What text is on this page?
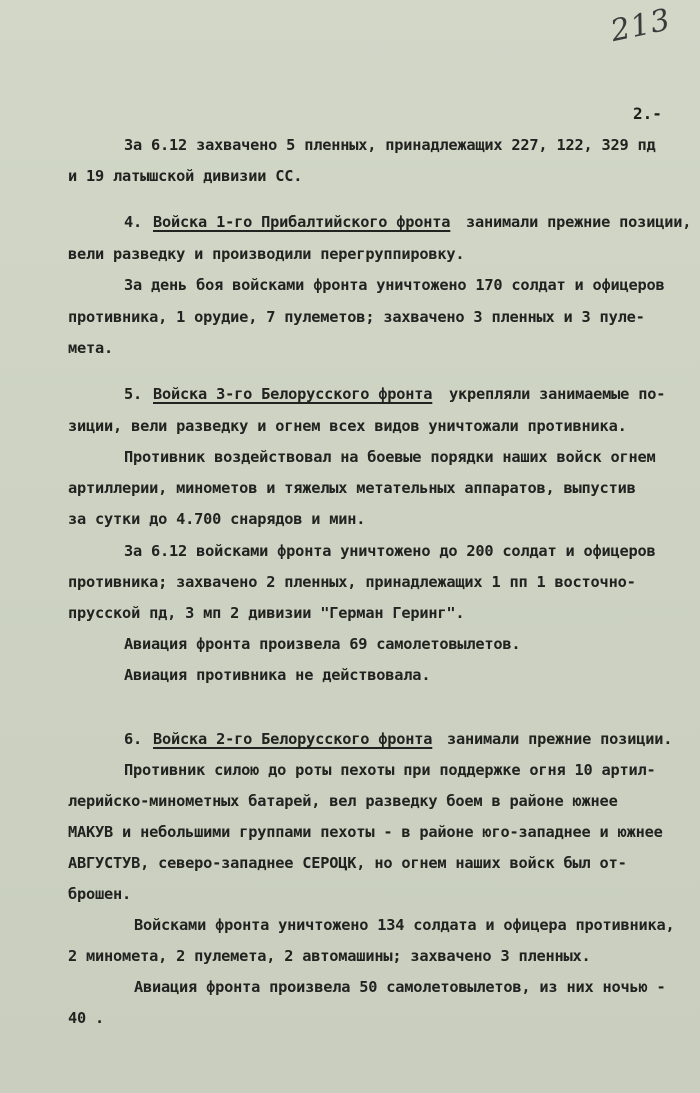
213
2.-
За 6.12 захвачено 5 пленных, принадлежащих 227, 122, 329 пд
и 19 латышской дивизии СС.
4. Войска 1-го Прибалтийского фронта занимали прежние позиции,
вели разведку и производили перегруппировку.
За день боя войсками фронта уничтожено 170 солдат и офицеров
противника, 1 орудие, 7 пулеметов; захвачено 3 пленных и 3 пуле-
мета.
5. Войска 3-го Белорусского фронта укрепляли занимаемые по-
зиции, вели разведку и огнем всех видов уничтожали противника.
Противник воздействовал на боевые порядки наших войск огнем
артиллерии, минометов и тяжелых метательных аппаратов, выпустив
за сутки до 4.700 снарядов и мин.
За 6.12 войсками фронта уничтожено до 200 солдат и офицеров
противника; захвачено 2 пленных, принадлежащих 1 пп 1 восточно-
прусской пд, 3 мп 2 дивизии "Герман Геринг".
Авиация фронта произвела 69 самолетовылетов.
Авиация противника не действовала.
6. Войска 2-го Белорусского фронта занимали прежние позиции.
Противник силою до роты пехоты при поддержке огня 10 артил-
лерийско-минометных батарей, вел разведку боем в районе южнее
МАКУВ и небольшими группами пехоты - в районе юго-западнее и южнее
АВГУСТУВ, северо-западнее СЕРОЦК, но огнем наших войск был от-
брошен.
Войсками фронта уничтожено 134 солдата и офицера противника,
2 миномета, 2 пулемета, 2 автомашины; захвачено 3 пленных.
Авиация фронта произвела 50 самолетовылетов, из них ночью -
40 .
